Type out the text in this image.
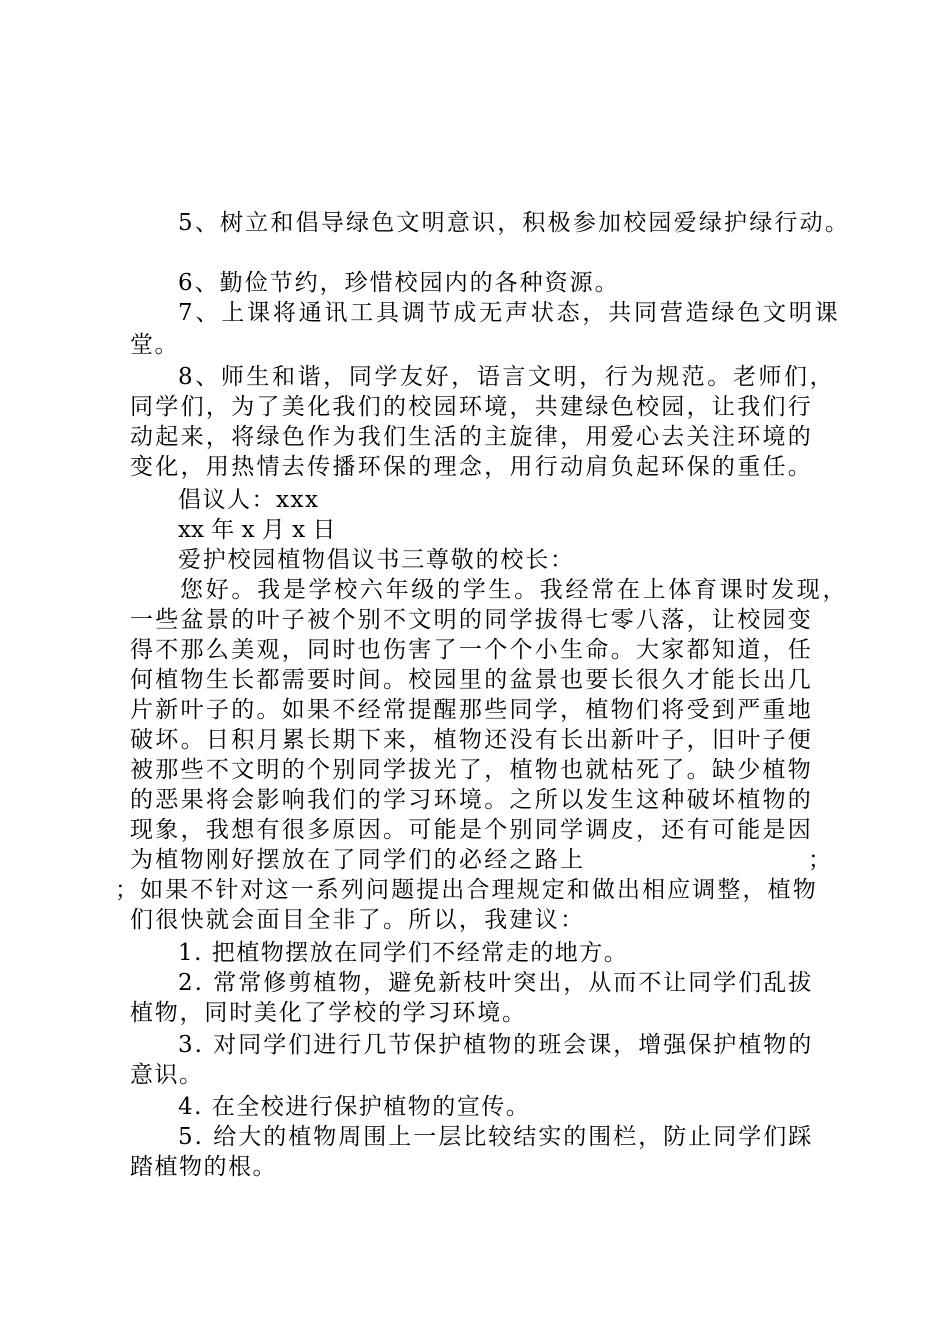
5、树立和倡导绿色文明意识，积极参加校园爱绿护绿行动。
6、勤俭节约，珍惜校园内的各种资源。
7、上课将通讯工具调节成无声状态，共同营造绿色文明课
堂。
8、师生和谐，同学友好，语言文明，行为规范。老师们，
同学们，为了美化我们的校园环境，共建绿色校园，让我们行
动起来，将绿色作为我们生活的主旋律，用爱心去关注环境的
变化，用热情去传播环保的理念，用行动肩负起环保的重任。
倡议人：xxx
xx 年 x 月 x 日
爱护校园植物倡议书三尊敬的校长：
您好。我是学校六年级的学生。我经常在上体育课时发现，
一些盆景的叶子被个别不文明的同学拔得七零八落，让校园变
得不那么美观，同时也伤害了一个个小生命。大家都知道，任
何植物生长都需要时间。校园里的盆景也要长很久才能长出几
片新叶子的。如果不经常提醒那些同学，植物们将受到严重地
破坏。日积月累长期下来，植物还没有长出新叶子，旧叶子便
被那些不文明的个别同学拔光了，植物也就枯死了。缺少植物
的恶果将会影响我们的学习环境。之所以发生这种破坏植物的
现象，我想有很多原因。可能是个别同学调皮，还有可能是因
为植物刚好摆放在了同学们的必经之路上	；
；如果不针对这一系列问题提出合理规定和做出相应调整，植物
们很快就会面目全非了。所以，我建议：
1. 把植物摆放在同学们不经常走的地方。
2. 常常修剪植物，避免新枝叶突出，从而不让同学们乱拔
植物，同时美化了学校的学习环境。
3. 对同学们进行几节保护植物的班会课，增强保护植物的
意识。
4. 在全校进行保护植物的宣传。
5. 给大的植物周围上一层比较结实的围栏，防止同学们踩
踏植物的根。
